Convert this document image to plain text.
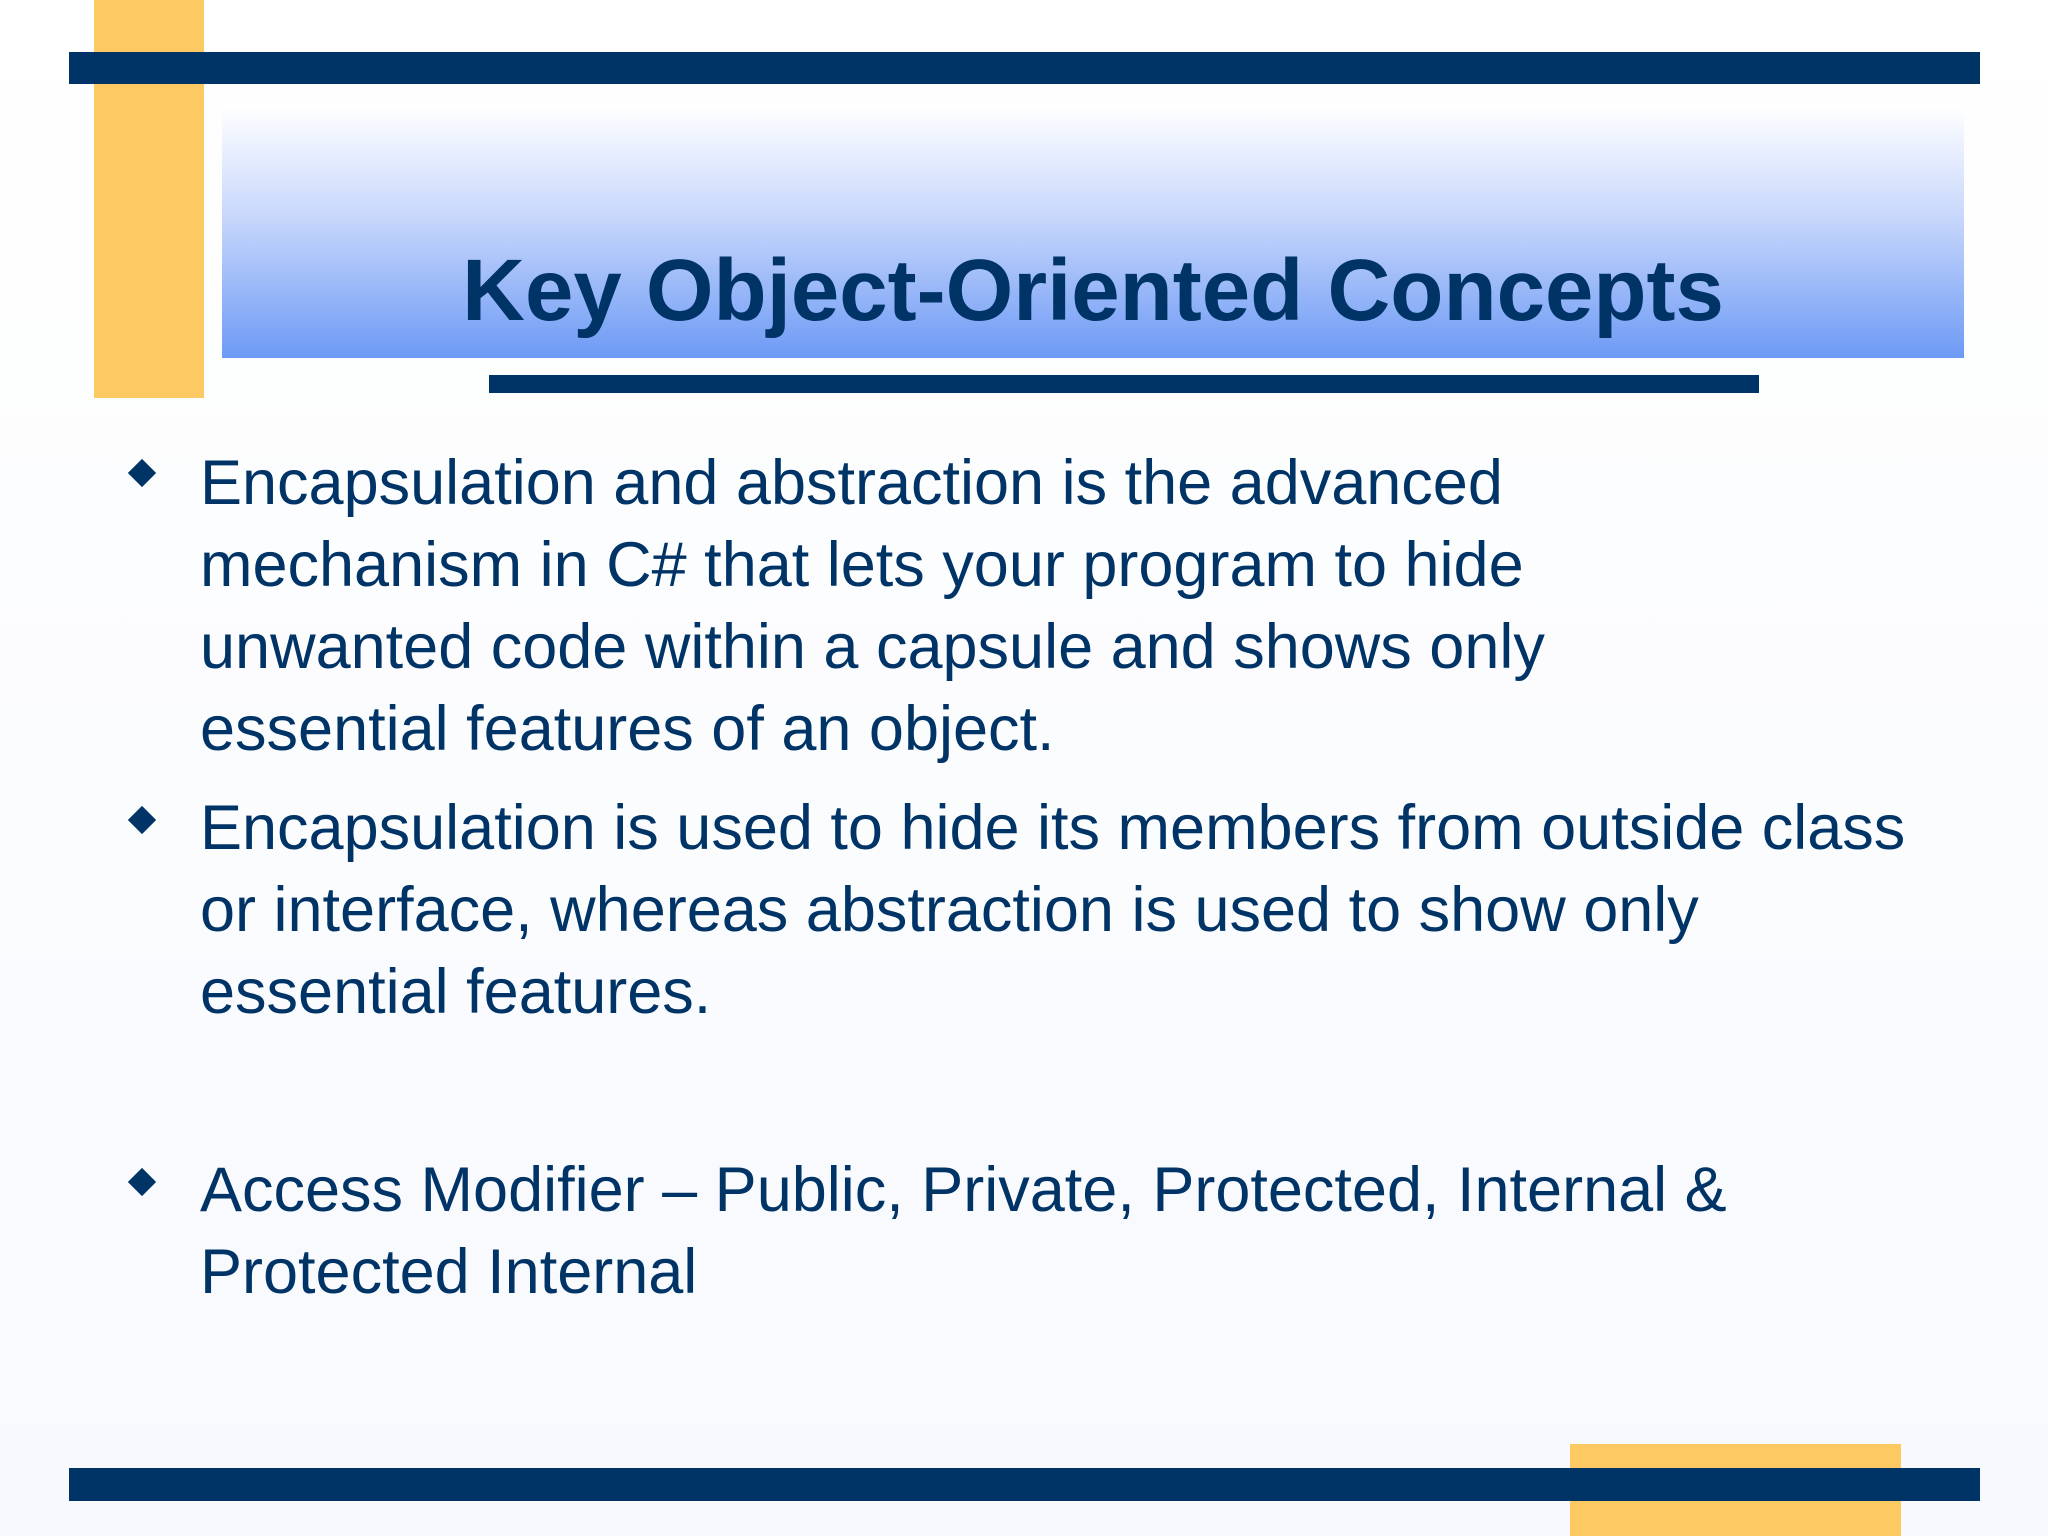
Key Object-Oriented Concepts
Encapsulation and abstraction is the advanced mechanism in C# that lets your program to hide unwanted code within a capsule and shows only essential features of an object.
Encapsulation is used to hide its members from outside class or interface, whereas abstraction is used to show only essential features.
Access Modifier – Public, Private, Protected, Internal & Protected Internal
